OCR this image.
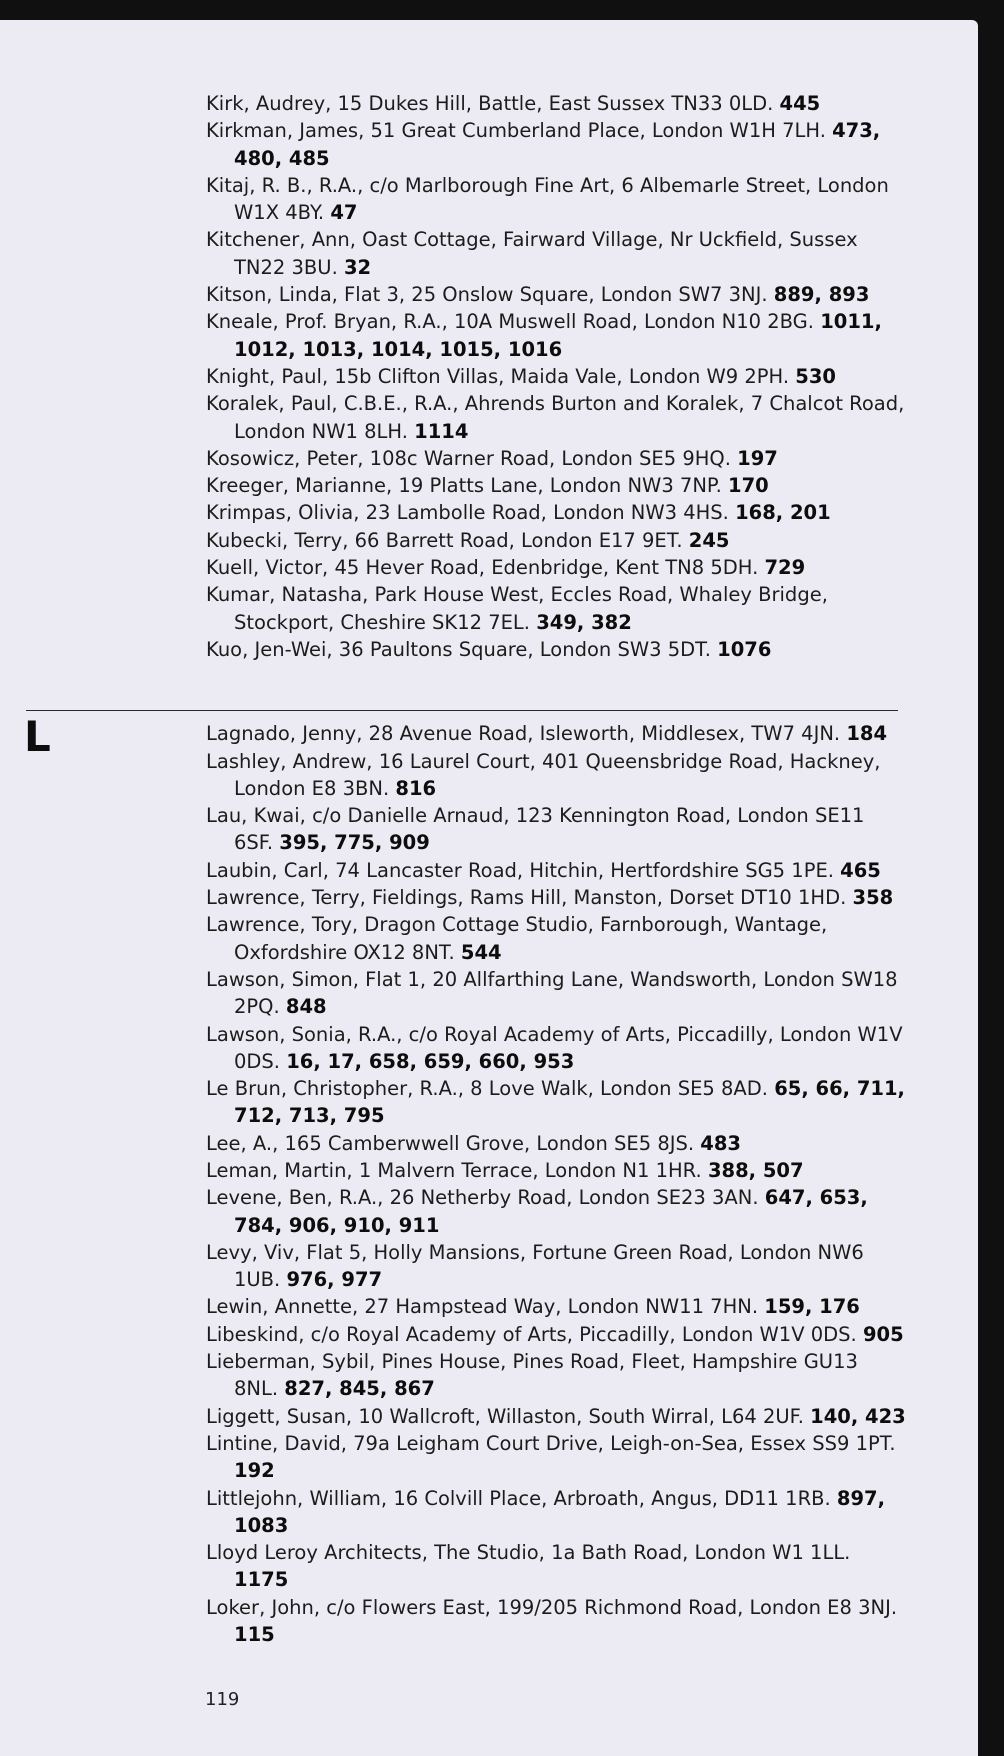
Kirk, Audrey, 15 Dukes Hill, Battle, East Sussex TN33 0LD. 445
Kirkman, James, 51 Great Cumberland Place, London W1H 7LH. 473, 480, 485
Kitaj, R. B., R.A., c/o Marlborough Fine Art, 6 Albemarle Street, London W1X 4BY. 47
Kitchener, Ann, Oast Cottage, Fairward Village, Nr Uckfield, Sussex TN22 3BU. 32
Kitson, Linda, Flat 3, 25 Onslow Square, London SW7 3NJ. 889, 893
Kneale, Prof. Bryan, R.A., 10A Muswell Road, London N10 2BG. 1011, 1012, 1013, 1014, 1015, 1016
Knight, Paul, 15b Clifton Villas, Maida Vale, London W9 2PH. 530
Koralek, Paul, C.B.E., R.A., Ahrends Burton and Koralek, 7 Chalcot Road, London NW1 8LH. 1114
Kosowicz, Peter, 108c Warner Road, London SE5 9HQ. 197
Kreeger, Marianne, 19 Platts Lane, London NW3 7NP. 170
Krimpas, Olivia, 23 Lambolle Road, London NW3 4HS. 168, 201
Kubecki, Terry, 66 Barrett Road, London E17 9ET. 245
Kuell, Victor, 45 Hever Road, Edenbridge, Kent TN8 5DH. 729
Kumar, Natasha, Park House West, Eccles Road, Whaley Bridge, Stockport, Cheshire SK12 7EL. 349, 382
Kuo, Jen-Wei, 36 Paultons Square, London SW3 5DT. 1076
Lagnado, Jenny, 28 Avenue Road, Isleworth, Middlesex, TW7 4JN. 184
Lashley, Andrew, 16 Laurel Court, 401 Queensbridge Road, Hackney, London E8 3BN. 816
Lau, Kwai, c/o Danielle Arnaud, 123 Kennington Road, London SE11 6SF. 395, 775, 909
Laubin, Carl, 74 Lancaster Road, Hitchin, Hertfordshire SG5 1PE. 465
Lawrence, Terry, Fieldings, Rams Hill, Manston, Dorset DT10 1HD. 358
Lawrence, Tory, Dragon Cottage Studio, Farnborough, Wantage, Oxfordshire OX12 8NT. 544
Lawson, Simon, Flat 1, 20 Allfarthing Lane, Wandsworth, London SW18 2PQ. 848
Lawson, Sonia, R.A., c/o Royal Academy of Arts, Piccadilly, London W1V 0DS. 16, 17, 658, 659, 660, 953
Le Brun, Christopher, R.A., 8 Love Walk, London SE5 8AD. 65, 66, 711, 712, 713, 795
Lee, A., 165 Camberwwell Grove, London SE5 8JS. 483
Leman, Martin, 1 Malvern Terrace, London N1 1HR. 388, 507
Levene, Ben, R.A., 26 Netherby Road, London SE23 3AN. 647, 653, 784, 906, 910, 911
Levy, Viv, Flat 5, Holly Mansions, Fortune Green Road, London NW6 1UB. 976, 977
Lewin, Annette, 27 Hampstead Way, London NW11 7HN. 159, 176
Libeskind, c/o Royal Academy of Arts, Piccadilly, London W1V 0DS. 905
Lieberman, Sybil, Pines House, Pines Road, Fleet, Hampshire GU13 8NL. 827, 845, 867
Liggett, Susan, 10 Wallcroft, Willaston, South Wirral, L64 2UF. 140, 423
Lintine, David, 79a Leigham Court Drive, Leigh-on-Sea, Essex SS9 1PT. 192
Littlejohn, William, 16 Colvill Place, Arbroath, Angus, DD11 1RB. 897, 1083
Lloyd Leroy Architects, The Studio, 1a Bath Road, London W1 1LL. 1175
Loker, John, c/o Flowers East, 199/205 Richmond Road, London E8 3NJ. 115
L
119
